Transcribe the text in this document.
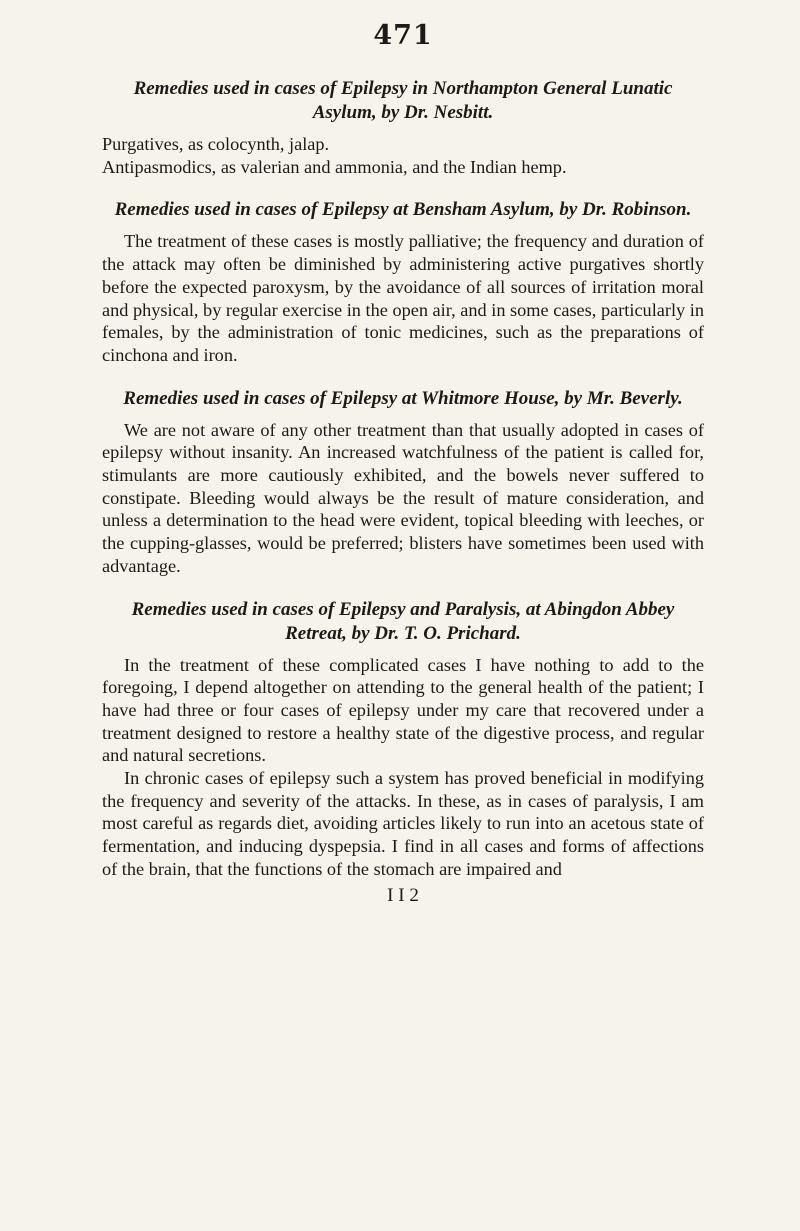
471
Remedies used in cases of Epilepsy in Northampton General Lunatic Asylum, by Dr. Nesbitt.

Purgatives, as colocynth, jalap.

Antipasmodics, as valerian and ammonia, and the Indian hemp.

Remedies used in cases of Epilepsy at Bensham Asylum, by Dr. Robinson.

The treatment of these cases is mostly palliative; the frequency and duration of the attack may often be diminished by administering active purgatives shortly before the expected paroxysm, by the avoidance of all sources of irritation moral and physical, by regular exercise in the open air, and in some cases, particularly in females, by the administration of tonic medicines, such as the preparations of cinchona and iron.

Remedies used in cases of Epilepsy at Whitmore House, by Mr. Beverly.

We are not aware of any other treatment than that usually adopted in cases of epilepsy without insanity. An increased watchfulness of the patient is called for, stimulants are more cautiously exhibited, and the bowels never suffered to constipate. Bleeding would always be the result of mature consideration, and unless a determination to the head were evident, topical bleeding with leeches, or the cupping-glasses, would be preferred; blisters have sometimes been used with advantage.

Remedies used in cases of Epilepsy and Paralysis, at Abingdon Abbey Retreat, by Dr. T. O. Prichard.

In the treatment of these complicated cases I have nothing to add to the foregoing, I depend altogether on attending to the general health of the patient; I have had three or four cases of epilepsy under my care that recovered under a treatment designed to restore a healthy state of the digestive process, and regular and natural secretions.

In chronic cases of epilepsy such a system has proved beneficial in modifying the frequency and severity of the attacks. In these, as in cases of paralysis, I am most careful as regards diet, avoiding articles likely to run into an acetous state of fermentation, and inducing dyspepsia. I find in all cases and forms of affections of the brain, that the functions of the stomach are impaired and

I I 2
